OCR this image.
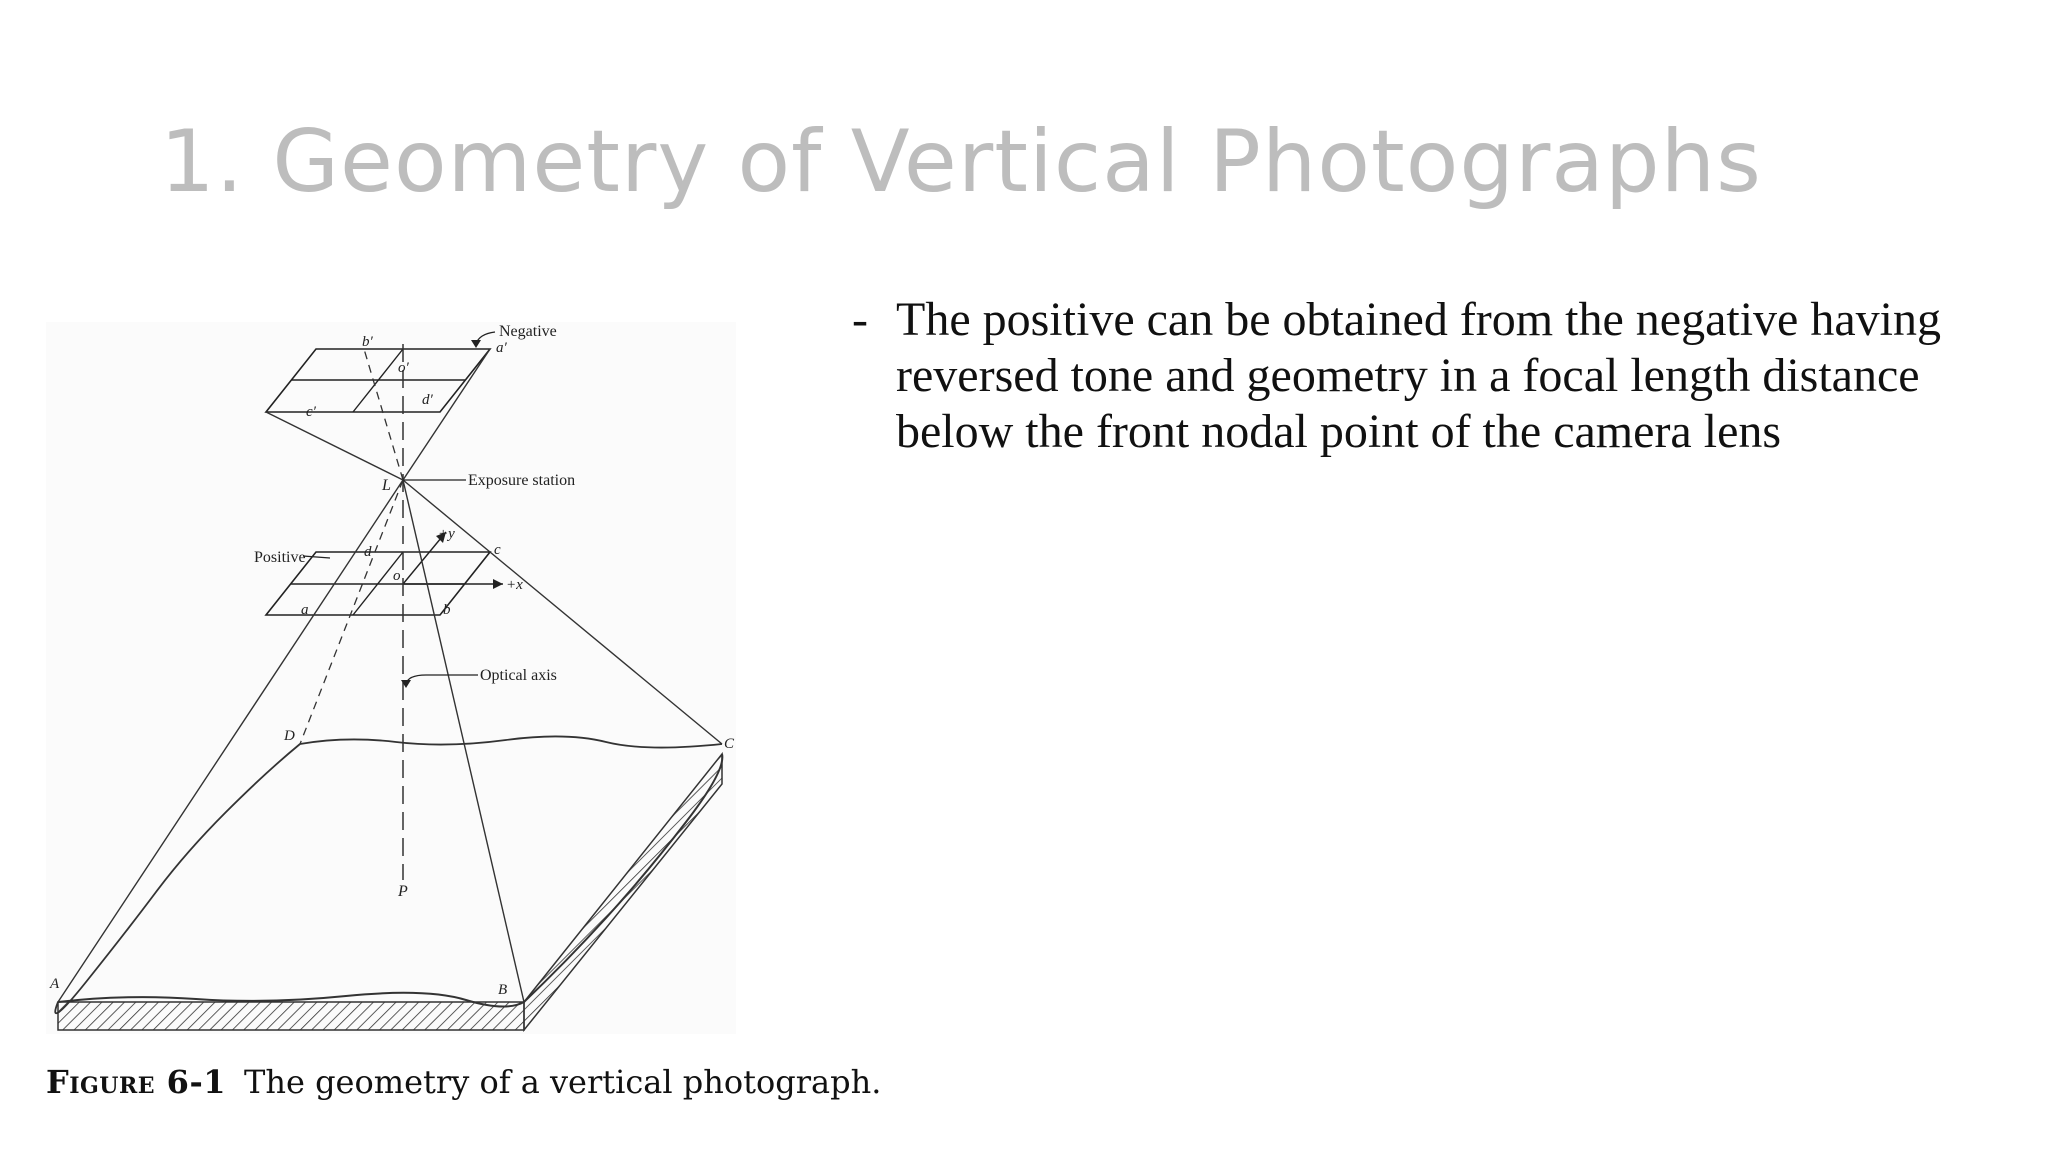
1. Geometry of Vertical Photographs
- The positive can be obtained from the negative having reversed tone and geometry in a focal length distance below the front nodal point of the camera lens
Negative
Exposure station
Positive
Optical axis
L
P
A	B
C
D
a′
b′
c′
d′
o′
a	b
c
d
o
+x
+y
Figure 6-1 The geometry of a vertical photograph.
